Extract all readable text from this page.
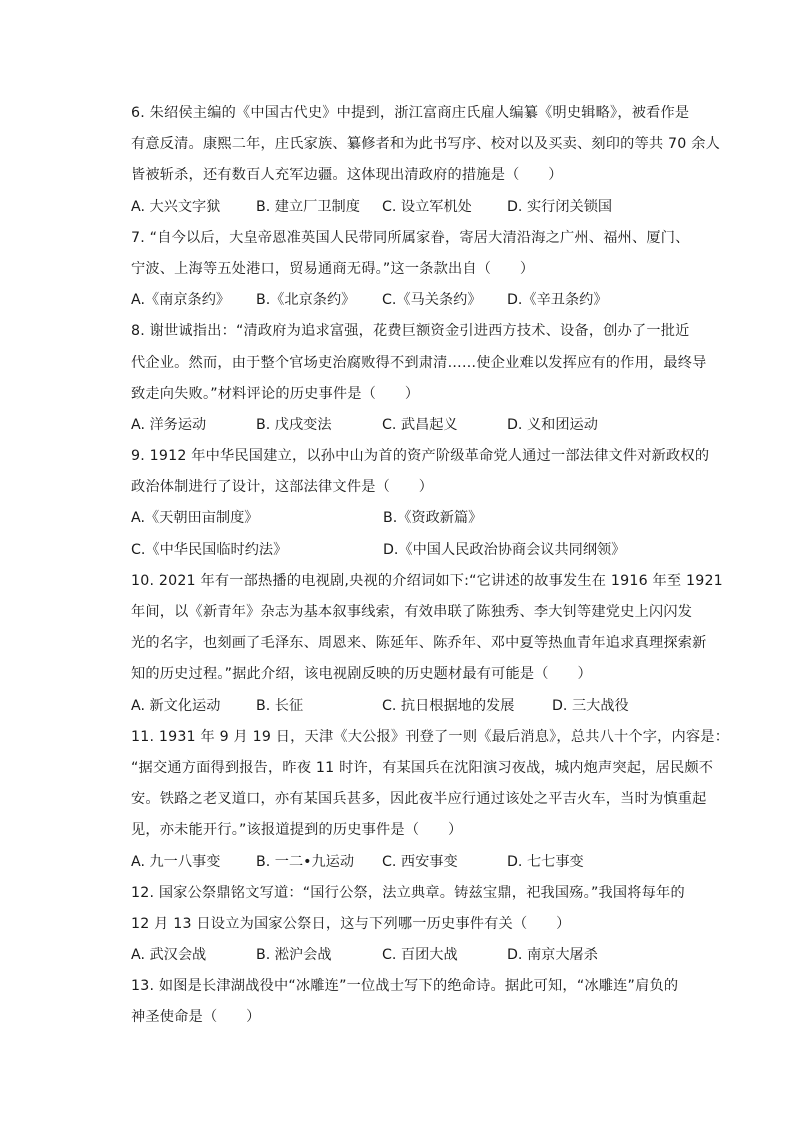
6. 朱绍侯主编的《中国古代史》中提到，浙江富商庄氏雇人编纂《明史辑略》，被看作是
有意反清。康熙二年，庄氏家族、纂修者和为此书写序、校对以及买卖、刻印的等共 70 余人
皆被斩杀，还有数百人充军边疆。这体现出清政府的措施是（　　）
A. 大兴文字狱	B. 建立厂卫制度	C. 设立军机处	D. 实行闭关锁国
7. “自今以后，大皇帝恩准英国人民带同所属家眷，寄居大清沿海之广州、福州、厦门、
宁波、上海等五处港口，贸易通商无碍。”这一条款出自（　　）
A.《南京条约》	B.《北京条约》	C.《马关条约》	D.《辛丑条约》
8. 谢世诚指出：“清政府为追求富强，花费巨额资金引进西方技术、设备，创办了一批近
代企业。然而，由于整个官场吏治腐败得不到肃清……使企业难以发挥应有的作用，最终导
致走向失败。”材料评论的历史事件是（　　）
A. 洋务运动	B. 戊戌变法	C. 武昌起义	D. 义和团运动
9. 1912 年中华民国建立，以孙中山为首的资产阶级革命党人通过一部法律文件对新政权的
政治体制进行了设计，这部法律文件是（　　）
A.《天朝田亩制度》	B.《资政新篇》
C.《中华民国临时约法》	D.《中国人民政治协商会议共同纲领》
10. 2021 年有一部热播的电视剧,央视的介绍词如下:“它讲述的故事发生在 1916 年至 1921
年间，以《新青年》杂志为基本叙事线索，有效串联了陈独秀、李大钊等建党史上闪闪发
光的名字，也刻画了毛泽东、周恩来、陈延年、陈乔年、邓中夏等热血青年追求真理探索新
知的历史过程。”据此介绍，该电视剧反映的历史题材最有可能是（　　）
A. 新文化运动	B. 长征	C. 抗日根据地的发展	D. 三大战役
11. 1931 年 9 月 19 日，天津《大公报》刊登了一则《最后消息》，总共八十个字，内容是：
“据交通方面得到报告，昨夜 11 时许，有某国兵在沈阳演习夜战，城内炮声突起，居民颇不
安。铁路之老叉道口，亦有某国兵甚多，因此夜半应行通过该处之平吉火车，当时为慎重起
见，亦未能开行。”该报道提到的历史事件是（　　）
A. 九一八事变	B. 一二•九运动	C. 西安事变	D. 七七事变
12. 国家公祭鼎铭文写道：“国行公祭，法立典章。铸兹宝鼎，祀我国殇。”我国将每年的
12 月 13 日设立为国家公祭日，这与下列哪一历史事件有关（　　）
A. 武汉会战	B. 淞沪会战	C. 百团大战	D. 南京大屠杀
13. 如图是长津湖战役中“冰雕连”一位战士写下的绝命诗。据此可知，“冰雕连”肩负的
神圣使命是（　　）
